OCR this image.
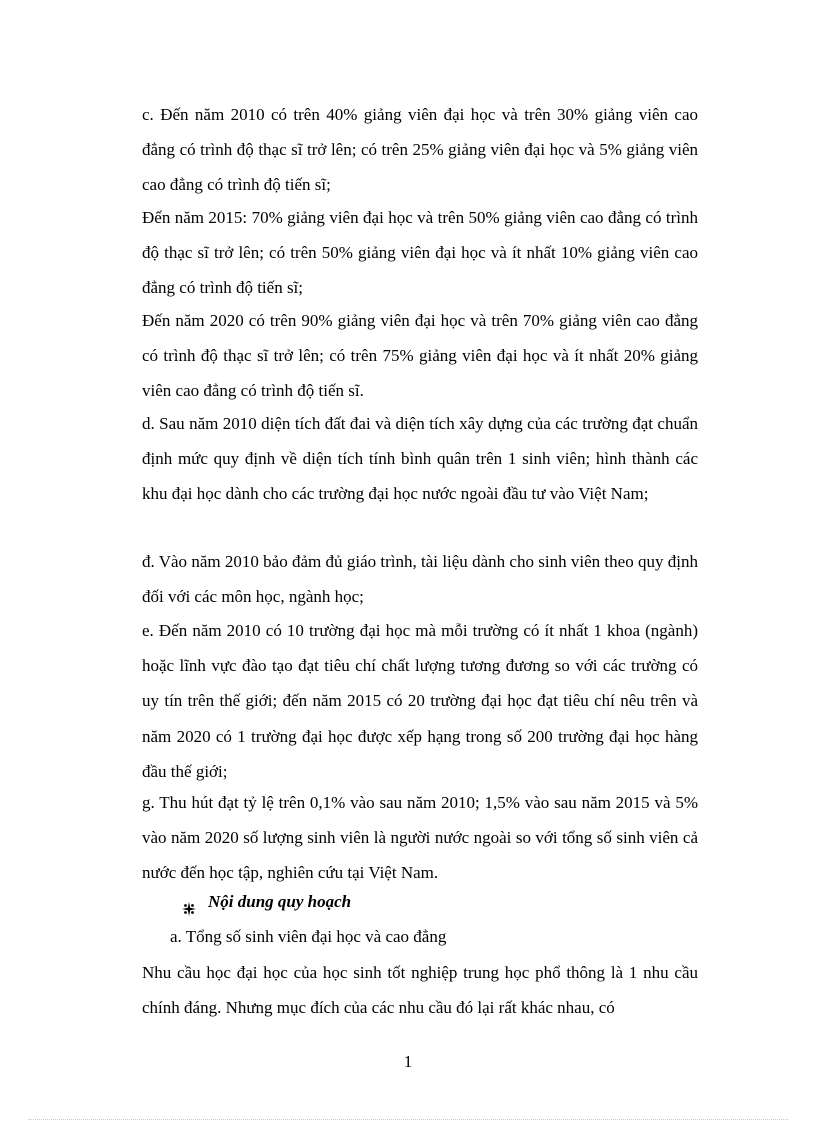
c. Đến năm 2010 có trên 40% giảng viên đại học và trên 30% giảng viên cao đẳng có trình độ thạc sĩ trở lên; có trên 25% giảng viên đại học và 5% giảng viên cao đẳng có trình độ tiến sĩ;

Đến năm 2015: 70% giảng viên đại học và trên 50% giảng viên cao đẳng có trình độ thạc sĩ trở lên; có trên 50% giảng viên đại học và ít nhất 10% giảng viên cao đẳng có trình độ tiến sĩ;

Đến năm 2020 có trên 90% giảng viên đại học và trên 70% giảng viên cao đẳng có trình độ thạc sĩ trở lên; có trên 75% giảng viên đại học và ít nhất 20% giảng viên cao đẳng có trình độ tiến sĩ.

d. Sau năm 2010 diện tích đất đai và diện tích xây dựng của các trường đạt chuẩn định mức quy định về diện tích tính bình quân trên 1 sinh viên; hình thành các khu đại học dành cho các trường đại học nước ngoài đầu tư vào Việt Nam;

đ. Vào năm 2010 bảo đảm đủ giáo trình, tài liệu dành cho sinh viên theo quy định đối với các môn học, ngành học;

e. Đến năm 2010 có 10 trường đại học mà mỗi trường có ít nhất 1 khoa (ngành) hoặc lĩnh vực đào tạo đạt tiêu chí chất lượng tương đương so với các trường có uy tín trên thế giới; đến năm 2015 có 20 trường đại học đạt tiêu chí nêu trên và năm 2020 có 1 trường đại học được xếp hạng trong số 200 trường đại học hàng đầu thế giới;

g. Thu hút đạt tỷ lệ trên 0,1% vào sau năm 2010; 1,5% vào sau năm 2015 và 5% vào năm 2020 số lượng sinh viên là người nước ngoài so với tổng số sinh viên cả nước đến học tập, nghiên cứu tại Việt Nam.

Nội dung quy hoạch
a. Tổng số sinh viên đại học và cao đẳng

Nhu cầu học đại học của học sinh tốt nghiệp trung học phổ thông là 1 nhu cầu chính đáng. Nhưng mục đích của các nhu cầu đó lại rất khác nhau, có

1
